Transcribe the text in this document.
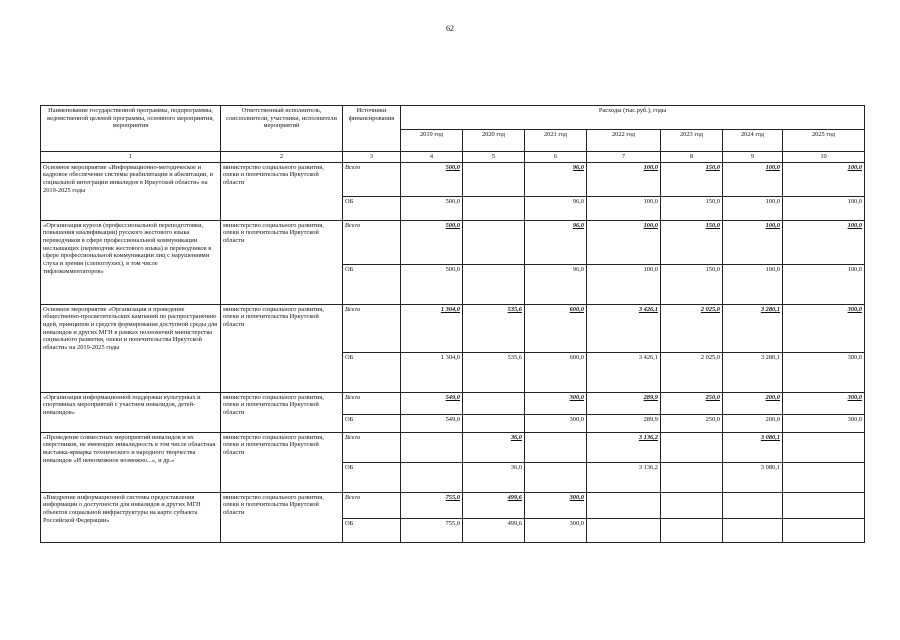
62
Наименование государственной программы, подпрограммы, ведомственной целевой программы, основного мероприятия, мероприятия	Ответственный исполнитель, соисполнители, участники, исполнители мероприятий	Источники финансирования	Расходы (тыс.руб.), годы						
			2019 год	2020 год	2021 год	2022 год	2023 год	2024 год	2025 год
1	2	3	4	5	6	7	8	9	10
Основное мероприятие «Информационно-методическое и кадровое обеспечение системы реабилитации и абилитации, и социальной интеграции инвалидов в Иркутской области» на 2019-2025 годы	министерство социального развития, опеки и попечительства Иркутской области	Всего	500,0		96,0	100,0	150,0	100,0	100,0
		ОБ	500,0		96,0	100,0	150,0	100,0	100,0
«Организация курсов (профессиональной переподготовки, повышения квалификации) русского жестового языка переводчиков в сфере профессиональной коммуникации неслышащих (переводчик жестового языка) и переводчиков в сфере профессиональной коммуникации лиц с нарушениями слуха и зрения (слепоглухих), в том числе тифлокомментаторов»	министерство социального развития, опеки и попечительства Иркутской области	Всего	500,0		96,0	100,0	150,0	100,0	100,0
		ОБ	500,0		96,0	100,0	150,0	100,0	100,0
Основное мероприятие «Организация и проведение общественно-просветительских кампаний по распространению идей, принципов и средств формирования доступной среды для инвалидов и других МГН в рамках полномочий министерства социального развития, опеки и попечительства Иркутской области» на 2019-2025 годы	министерство социального развития, опеки и попечительства Иркутской области	Всего	1 304,0	535,6	600,0	3 426,1	2 025,0	3 280,1	300,0
		ОБ	1 304,0	535,6	600,0	3 426,1	2 025,0	3 280,1	300,0
«Организация информационной поддержки культурных и спортивных мероприятий с участием инвалидов, детей-инвалидов»	министерство социального развития, опеки и попечительства Иркутской области	Всего	549,0		300,0	289,9	250,0	200,0	300,0
		ОБ	549,0		300,0	289,9	250,0	200,0	300,0
«Проведение совместных мероприятий инвалидов и их сверстников, не имеющих инвалидность в том числе областная выставка-ярмарка технического и народного творчества инвалидов «И невозможное возможно...», и др.»	министерство социального развития, опеки и попечительства Иркутской области	Всего		36,0		3 136,2		3 080,1	
		ОБ		36,0		3 136,2		3 080,1	
«Внедрение информационной системы предоставления информации о доступности для инвалидов и других МГН объектов социальной инфраструктуры на карте субъекта Российской Федерации»	министерство социального развития, опеки и попечительства Иркутской области	Всего	755,0	499,6	300,0				
		ОБ	755,0	499,6	300,0				
